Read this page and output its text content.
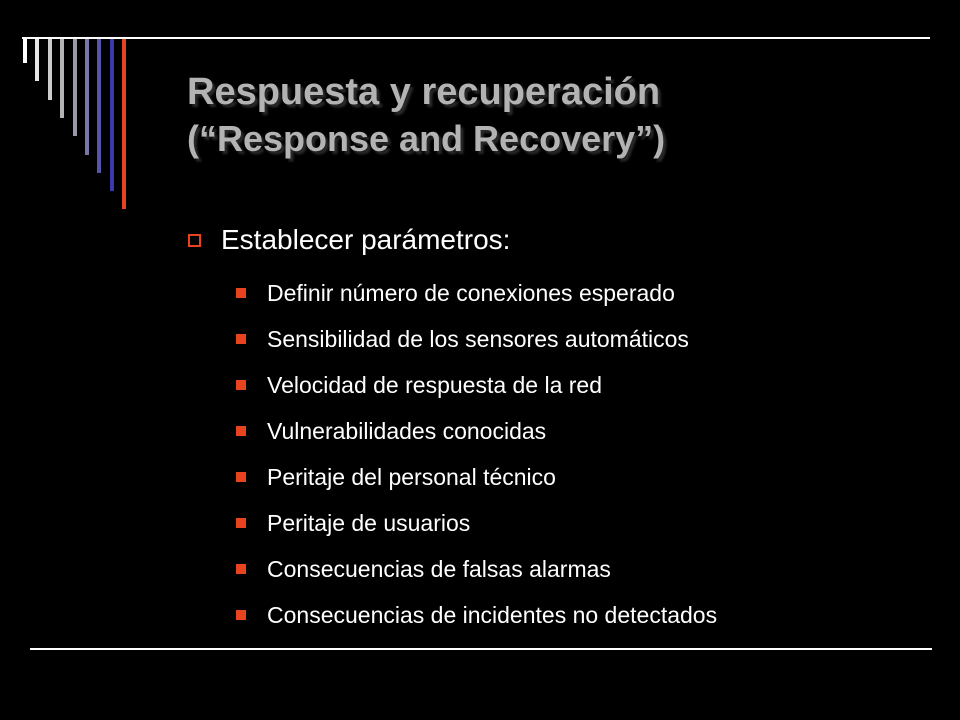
Respuesta y recuperación
(“Response and Recovery”)
Establecer parámetros:
Definir número de conexiones esperado
Sensibilidad de los sensores automáticos
Velocidad de respuesta de la red
Vulnerabilidades conocidas
Peritaje del personal técnico
Peritaje de usuarios
Consecuencias de falsas alarmas
Consecuencias de incidentes no detectados
